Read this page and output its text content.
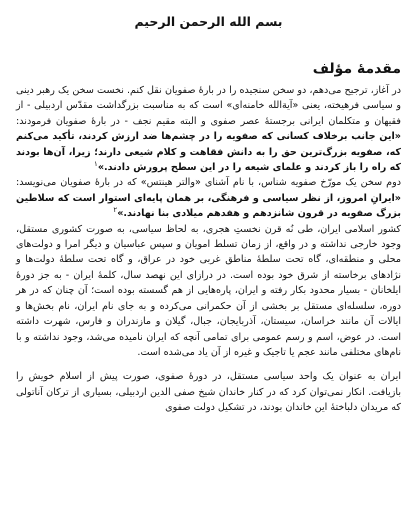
بسم الله الرحمن الرحيم
مقدمهٔ مؤلف

در آغاز، ترجیح می‌دهم، دو سخن سنجیده را در بارهٔ صفویان نقل کنم. نخست سخن یک رهبر دینی و سیاسی فرهیخته، یعنی «آیةالله خامنه‌ای» است که به مناسبت بزرگداشت مقدّس اردبیلی - از فقیهان و متکلمان ایرانی برجستهٔ عصر صفوی و البته مقیم نجف - در بارهٔ صفویان فرمودند: «این جانب برخلاف کسانی که صفویه را در چشم‌ها ضد ارزش کردند، تأکید می‌کنم که، صفویه بزرگ‌ترین حق را به دانش فقاهت و کلام شیعی دارند؛ زیرا، آن‌ها بودند که راه را باز کردند و علمای شیعه را در این سطح پرورش دادند.»$^۱$

دوم سخن یک مورّخ صفویه شناس، با نام آشنای «والتر هینتس» که در بارهٔ صفویان می‌نویسد: «ایرانِ امروز، از نظر سیاسی و فرهنگی، بر همان پایه‌ای استوار است که سلاطین بزرگ صفویه در قرون شانزدهم و هفدهم میلادی بنا نهادند.»$^۲$

کشور اسلامی ایران، طی نُه قرن نخستِ هجری، به لحاظ سیاسی، به صورت کشوری مستقل، وجود خارجی نداشته و در واقع، از زمان تسلط امویان و سپس عباسیان و دیگر امرا و دولت‌های محلی و منطقه‌ای، گاه تحت سلطهٔ مناطق غربی خود در عراق، و گاه تحت سلطهٔ دولت‌ها و نژادهای برخاسته از شرق خود بوده است. در درازای این نهصد سال، کلمهٔ ایران - به جز دورهٔ ایلخانان - بسیار محدود بکار رفته و ایران، پاره‌هایی از هم گسسته بوده است؛ آن چنان که در هر دوره، سلسله‌ای مستقل بر بخشی از آن حکمرانی می‌کرده و به جای نام ایران، نام بخش‌ها و ایالات آن مانند خراسان، سیستان، آذربایجان، جبال، گیلان و مازندران و فارس، شهرت داشته است. در عوض، اسم و رسم عمومی برای تمامی آنچه که ایران نامیده می‌شد، وجود نداشته و با نام‌های مختلفی مانند عجم یا تاجیک و غیره از آن یاد می‌شده است.

ایران به عنوان یک واحد سیاسی مستقل، در دورهٔ صفوی، صورت پیش از اسلام خویش را بازیافت. انکار نمی‌توان کرد که در کنار خاندان شیخ صفی الدین اردبیلی، بسیاری از ترکان آناتولی که مریدان دلباختهٔ این خاندان بودند، در تشکیل دولت صفوی
